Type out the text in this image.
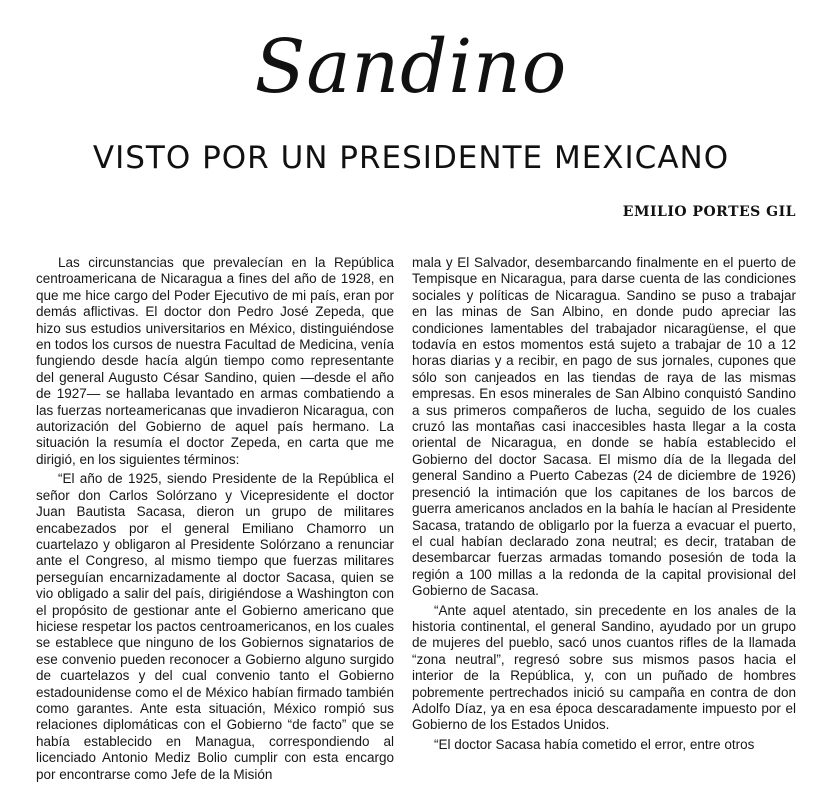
Sandino
VISTO POR UN PRESIDENTE MEXICANO
EMILIO PORTES GIL

Las circunstancias que prevalecían en la República centroamericana de Nicaragua a fines del año de 1928, en que me hice cargo del Poder Ejecutivo de mi país, eran por demás aflictivas. El doctor don Pedro José Zepeda, que hizo sus estudios universitarios en México, distinguiéndose en todos los cursos de nuestra Facultad de Medicina, venía fungiendo desde hacía algún tiempo como representante del general Augusto César Sandino, quien —desde el año de 1927— se hallaba levantado en armas combatiendo a las fuerzas norteamericanas que invadieron Nicaragua, con autorización del Gobierno de aquel país hermano. La situación la resumía el doctor Zepeda, en carta que me dirigió, en los siguientes términos:

“El año de 1925, siendo Presidente de la República el señor don Carlos Solórzano y Vicepresidente el doctor Juan Bautista Sacasa, dieron un grupo de militares encabezados por el general Emiliano Chamorro un cuartelazo y obligaron al Presidente Solórzano a renunciar ante el Congreso, al mismo tiempo que fuerzas militares perseguían encarnizadamente al doctor Sacasa, quien se vio obligado a salir del país, dirigiéndose a Washington con el propósito de gestionar ante el Gobierno americano que hiciese respetar los pactos centroamericanos, en los cuales se establece que ninguno de los Gobiernos signatarios de ese convenio pueden reconocer a Gobierno alguno surgido de cuartelazos y del cual convenio tanto el Gobierno estadounidense como el de México habían firmado también como garantes. Ante esta situación, México rompió sus relaciones diplomáticas con el Gobierno “de facto” que se había establecido en Managua, correspondiendo al licenciado Antonio Mediz Bolio cumplir con esta encargo por encontrarse como Jefe de la Misión

mala y El Salvador, desembarcando finalmente en el puerto de Tempisque en Nicaragua, para darse cuenta de las condiciones sociales y políticas de Nicaragua. Sandino se puso a trabajar en las minas de San Albino, en donde pudo apreciar las condiciones lamentables del trabajador nicaragüense, el que todavía en estos momentos está sujeto a trabajar de 10 a 12 horas diarias y a recibir, en pago de sus jornales, cupones que sólo son canjeados en las tiendas de raya de las mismas empresas. En esos minerales de San Albino conquistó Sandino a sus primeros compañeros de lucha, seguido de los cuales cruzó las montañas casi inaccesibles hasta llegar a la costa oriental de Nicaragua, en donde se había establecido el Gobierno del doctor Sacasa. El mismo día de la llegada del general Sandino a Puerto Cabezas (24 de diciembre de 1926) presenció la intimación que los capitanes de los barcos de guerra americanos anclados en la bahía le hacían al Presidente Sacasa, tratando de obligarlo por la fuerza a evacuar el puerto, el cual habían declarado zona neutral; es decir, trataban de desembarcar fuerzas armadas tomando posesión de toda la región a 100 millas a la redonda de la capital provisional del Gobierno de Sacasa.

“Ante aquel atentado, sin precedente en los anales de la historia continental, el general Sandino, ayudado por un grupo de mujeres del pueblo, sacó unos cuantos rifles de la llamada “zona neutral”, regresó sobre sus mismos pasos hacia el interior de la República, y, con un puñado de hombres pobremente pertrechados inició su campaña en contra de don Adolfo Díaz, ya en esa época descaradamente impuesto por el Gobierno de los Estados Unidos.

“El doctor Sacasa había cometido el error, entre otros
